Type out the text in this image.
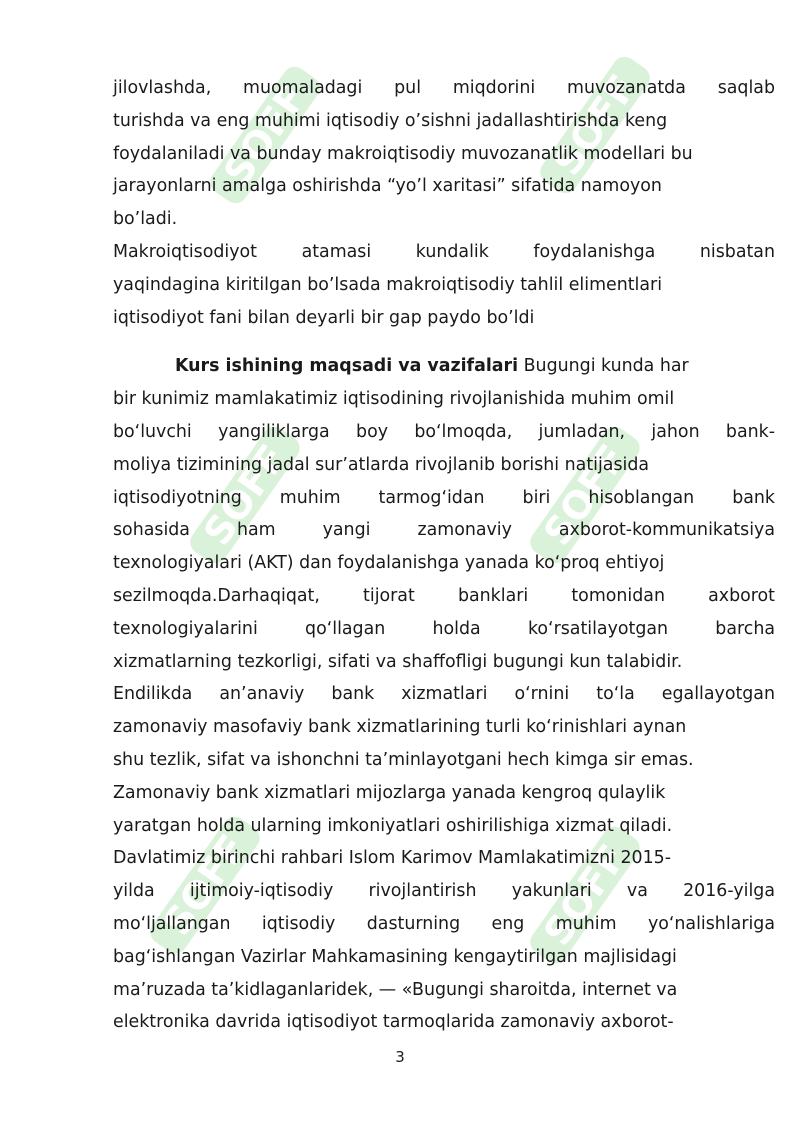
SOFF	SOFF
SOFF	SOFF
SOFF	SOFF

jilovlashda, muomaladagi pul miqdorini muvozanatda saqlab
turishda va eng muhimi iqtisodiy o’sishni jadallashtirishda keng
foydalaniladi va bunday makroiqtisodiy muvozanatlik modellari bu
jarayonlarni amalga oshirishda “yo’l xaritasi” sifatida namoyon
bo’ladi.

Makroiqtisodiyot atamasi kundalik foydalanishga nisbatan
yaqindagina kiritilgan bo’lsada makroiqtisodiy tahlil elimentlari
iqtisodiyot fani bilan deyarli bir gap paydo bo’ldi

Kurs ishining maqsadi va vazifalari Bugungi kunda har
bir kunimiz mamlakatimiz iqtisodining rivojlanishida muhim omil
bo‘luvchi yangiliklarga boy bo‘lmoqda, jumladan, jahon bank-
moliya tizimining jadal sur’atlarda rivojlanib borishi natijasida
iqtisodiyotning muhim tarmog‘idan biri hisoblangan bank
sohasida ham yangi zamonaviy axborot-kommunikatsiya
texnologiyalari (AKT) dan foydalanishga yanada ko‘proq ehtiyoj
sezilmoqda.Darhaqiqat, tijorat banklari tomonidan axborot
texnologiyalarini qo‘llagan holda ko‘rsatilayotgan barcha
xizmatlarning tezkorligi, sifati va shaffofligi bugungi kun talabidir.
Endilikda an’anaviy bank xizmatlari o‘rnini to‘la egallayotgan
zamonaviy masofaviy bank xizmatlarining turli ko‘rinishlari aynan
shu tezlik, sifat va ishonchni ta’minlayotgani hech kimga sir emas.
Zamonaviy bank xizmatlari mijozlarga yanada kengroq qulaylik
yaratgan holda ularning imkoniyatlari oshirilishiga xizmat qiladi.
Davlatimiz birinchi rahbari Islom Karimov Mamlakatimizni 2015-
yilda ijtimoiy-iqtisodiy rivojlantirish yakunlari va 2016-yilga
mo‘ljallangan iqtisodiy dasturning eng muhim yo‘nalishlariga
bag‘ishlangan Vazirlar Mahkamasining kengaytirilgan majlisidagi
ma’ruzada ta’kidlaganlaridek, — «Bugungi sharoitda, internet va
elektronika davrida iqtisodiyot tarmoqlarida zamonaviy axborot-

3
